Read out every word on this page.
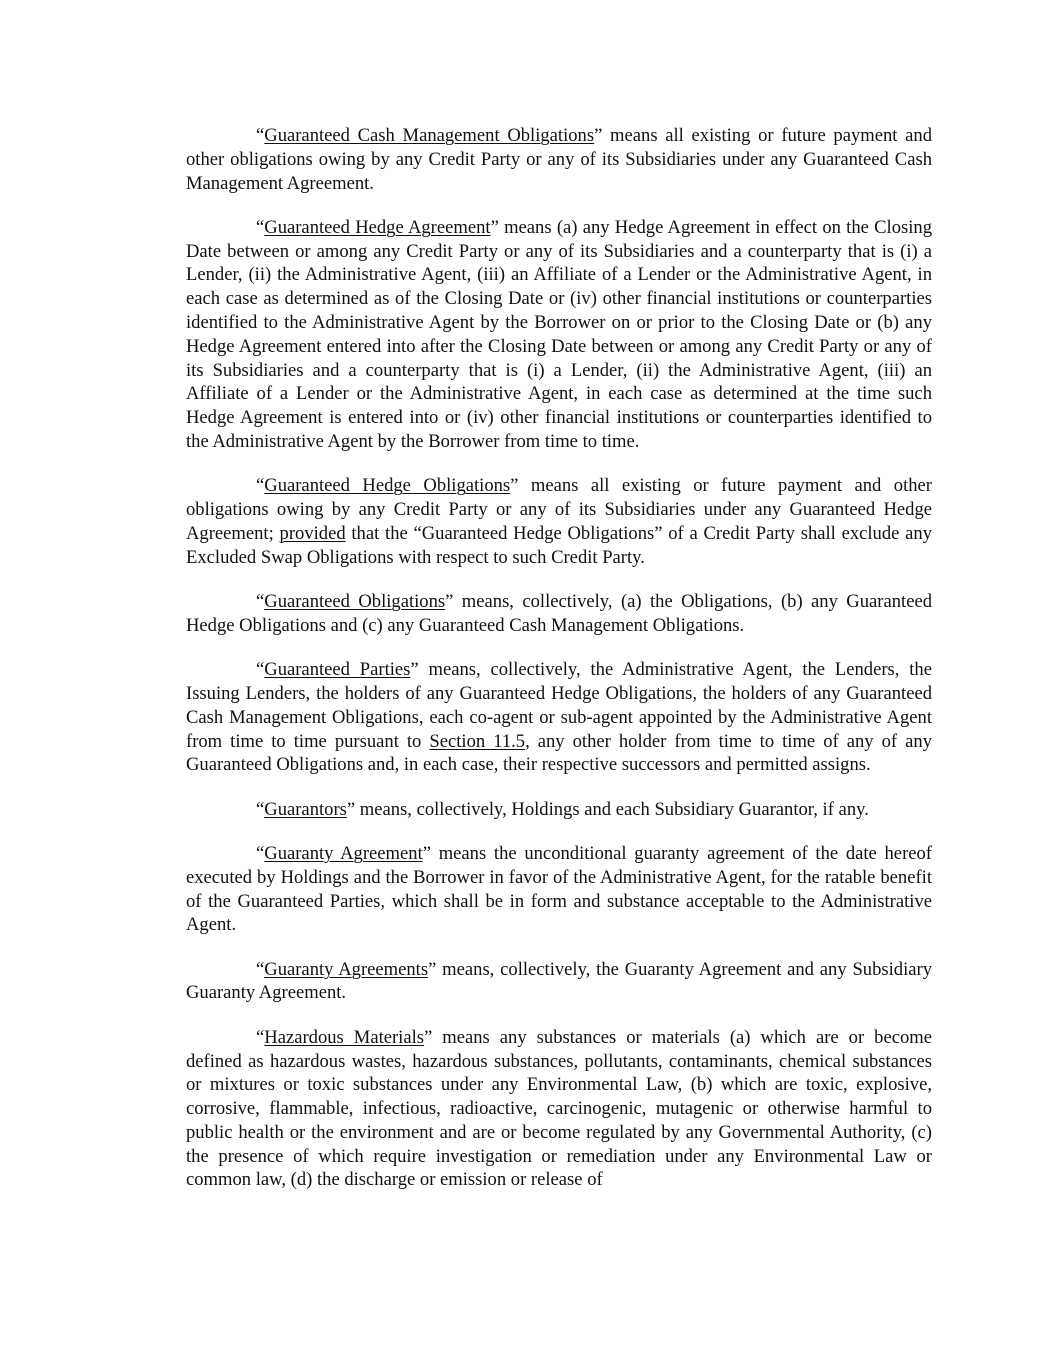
“Guaranteed Cash Management Obligations” means all existing or future payment and other obligations owing by any Credit Party or any of its Subsidiaries under any Guaranteed Cash Management Agreement.

“Guaranteed Hedge Agreement” means (a) any Hedge Agreement in effect on the Closing Date between or among any Credit Party or any of its Subsidiaries and a counterparty that is (i) a Lender, (ii) the Administrative Agent, (iii) an Affiliate of a Lender or the Administrative Agent, in each case as determined as of the Closing Date or (iv) other financial institutions or counterparties identified to the Administrative Agent by the Borrower on or prior to the Closing Date or (b) any Hedge Agreement entered into after the Closing Date between or among any Credit Party or any of its Subsidiaries and a counterparty that is (i) a Lender, (ii) the Administrative Agent, (iii) an Affiliate of a Lender or the Administrative Agent, in each case as determined at the time such Hedge Agreement is entered into or (iv) other financial institutions or counterparties identified to the Administrative Agent by the Borrower from time to time.

“Guaranteed Hedge Obligations” means all existing or future payment and other obligations owing by any Credit Party or any of its Subsidiaries under any Guaranteed Hedge Agreement; provided that the “Guaranteed Hedge Obligations” of a Credit Party shall exclude any Excluded Swap Obligations with respect to such Credit Party.

“Guaranteed Obligations” means, collectively, (a) the Obligations, (b) any Guaranteed Hedge Obligations and (c) any Guaranteed Cash Management Obligations.

“Guaranteed Parties” means, collectively, the Administrative Agent, the Lenders, the Issuing Lenders, the holders of any Guaranteed Hedge Obligations, the holders of any Guaranteed Cash Management Obligations, each co-agent or sub-agent appointed by the Administrative Agent from time to time pursuant to Section 11.5, any other holder from time to time of any of any Guaranteed Obligations and, in each case, their respective successors and permitted assigns.

“Guarantors” means, collectively, Holdings and each Subsidiary Guarantor, if any.

“Guaranty Agreement” means the unconditional guaranty agreement of the date hereof executed by Holdings and the Borrower in favor of the Administrative Agent, for the ratable benefit of the Guaranteed Parties, which shall be in form and substance acceptable to the Administrative Agent.

“Guaranty Agreements” means, collectively, the Guaranty Agreement and any Subsidiary Guaranty Agreement.

“Hazardous Materials” means any substances or materials (a) which are or become defined as hazardous wastes, hazardous substances, pollutants, contaminants, chemical substances or mixtures or toxic substances under any Environmental Law, (b) which are toxic, explosive, corrosive, flammable, infectious, radioactive, carcinogenic, mutagenic or otherwise harmful to public health or the environment and are or become regulated by any Governmental Authority, (c) the presence of which require investigation or remediation under any Environmental Law or common law, (d) the discharge or emission or release of
